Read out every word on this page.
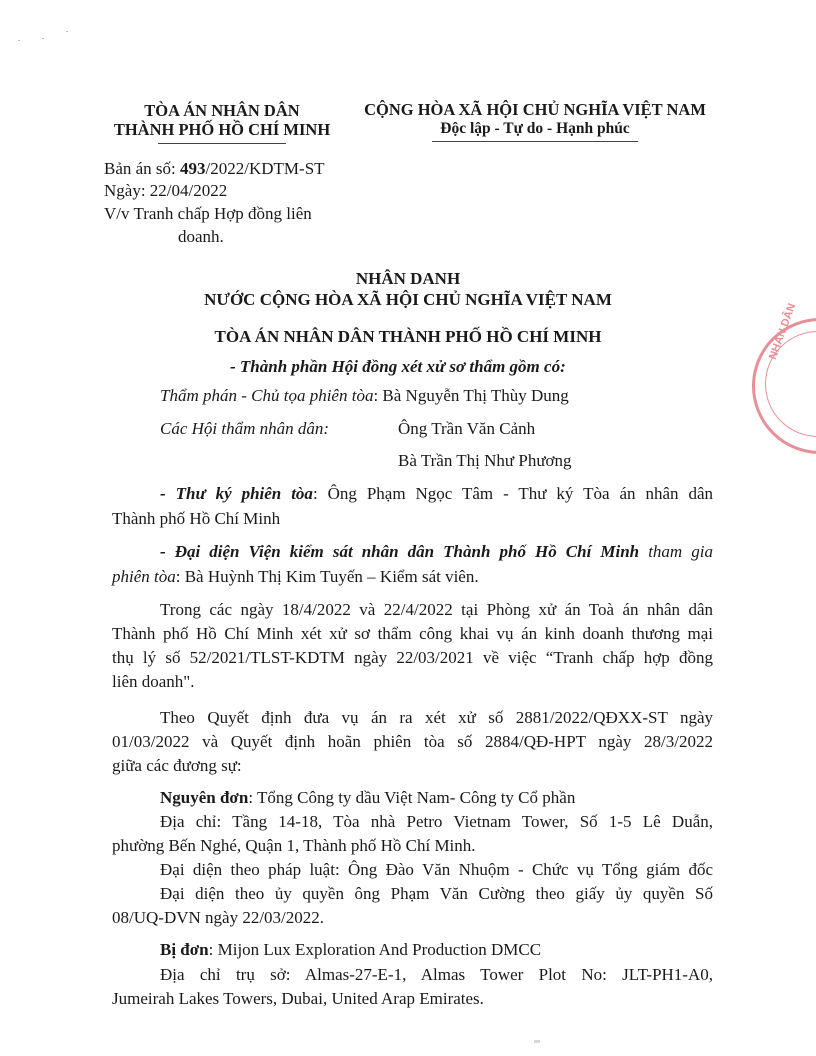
TÒA ÁN NHÂN DÂN
THÀNH PHỐ HỒ CHÍ MINH
CỘNG HÒA XÃ HỘI CHỦ NGHĨA VIỆT NAM
Độc lập - Tự do - Hạnh phúc
Bản án số: 493/2022/KDTM-ST
Ngày: 22/04/2022
V/v Tranh chấp Hợp đồng liên
doanh.
NHÂN DANH
NƯỚC CỘNG HÒA XÃ HỘI CHỦ NGHĨA VIỆT NAM
TÒA ÁN NHÂN DÂN THÀNH PHỐ HỒ CHÍ MINH
- Thành phần Hội đồng xét xử sơ thẩm gồm có:
Thẩm phán - Chủ tọa phiên tòa: Bà Nguyễn Thị Thùy Dung
Các Hội thẩm nhân dân:	Ông Trần Văn Cảnh
Bà Trần Thị Như Phương
- Thư ký phiên tòa: Ông Phạm Ngọc Tâm - Thư ký Tòa án nhân dân
Thành phố Hồ Chí Minh
- Đại diện Viện kiểm sát nhân dân Thành phố Hồ Chí Minh tham gia
phiên tòa: Bà Huỳnh Thị Kim Tuyến – Kiểm sát viên.
Trong các ngày 18/4/2022 và 22/4/2022 tại Phòng xử án Toà án nhân dân
Thành phố Hồ Chí Minh xét xử sơ thẩm công khai vụ án kinh doanh thương mại
thụ lý số 52/2021/TLST-KDTM ngày 22/03/2021 về việc “Tranh chấp hợp đồng
liên doanh".
Theo Quyết định đưa vụ án ra xét xử số 2881/2022/QĐXX-ST ngày
01/03/2022 và Quyết định hoãn phiên tòa số 2884/QĐ-HPT ngày 28/3/2022
giữa các đương sự:
Nguyên đơn: Tổng Công ty dầu Việt Nam- Công ty Cổ phần
Địa chỉ: Tầng 14-18, Tòa nhà Petro Vietnam Tower, Số 1-5 Lê Duẫn,
phường Bến Nghé, Quận 1, Thành phố Hồ Chí Minh.
Đại diện theo pháp luật: Ông Đào Văn Nhuộm - Chức vụ Tổng giám đốc
Đại diện theo ủy quyền ông Phạm Văn Cường theo giấy ủy quyền Số
08/UQ-DVN ngày 22/03/2022.
Bị đơn: Mijon Lux Exploration And Production DMCC
Địa chỉ trụ sở: Almas-27-E-1, Almas Tower Plot No: JLT-PH1-A0,
Jumeirah Lakes Towers, Dubai, United Arap Emirates.
NHÂN DÂN
